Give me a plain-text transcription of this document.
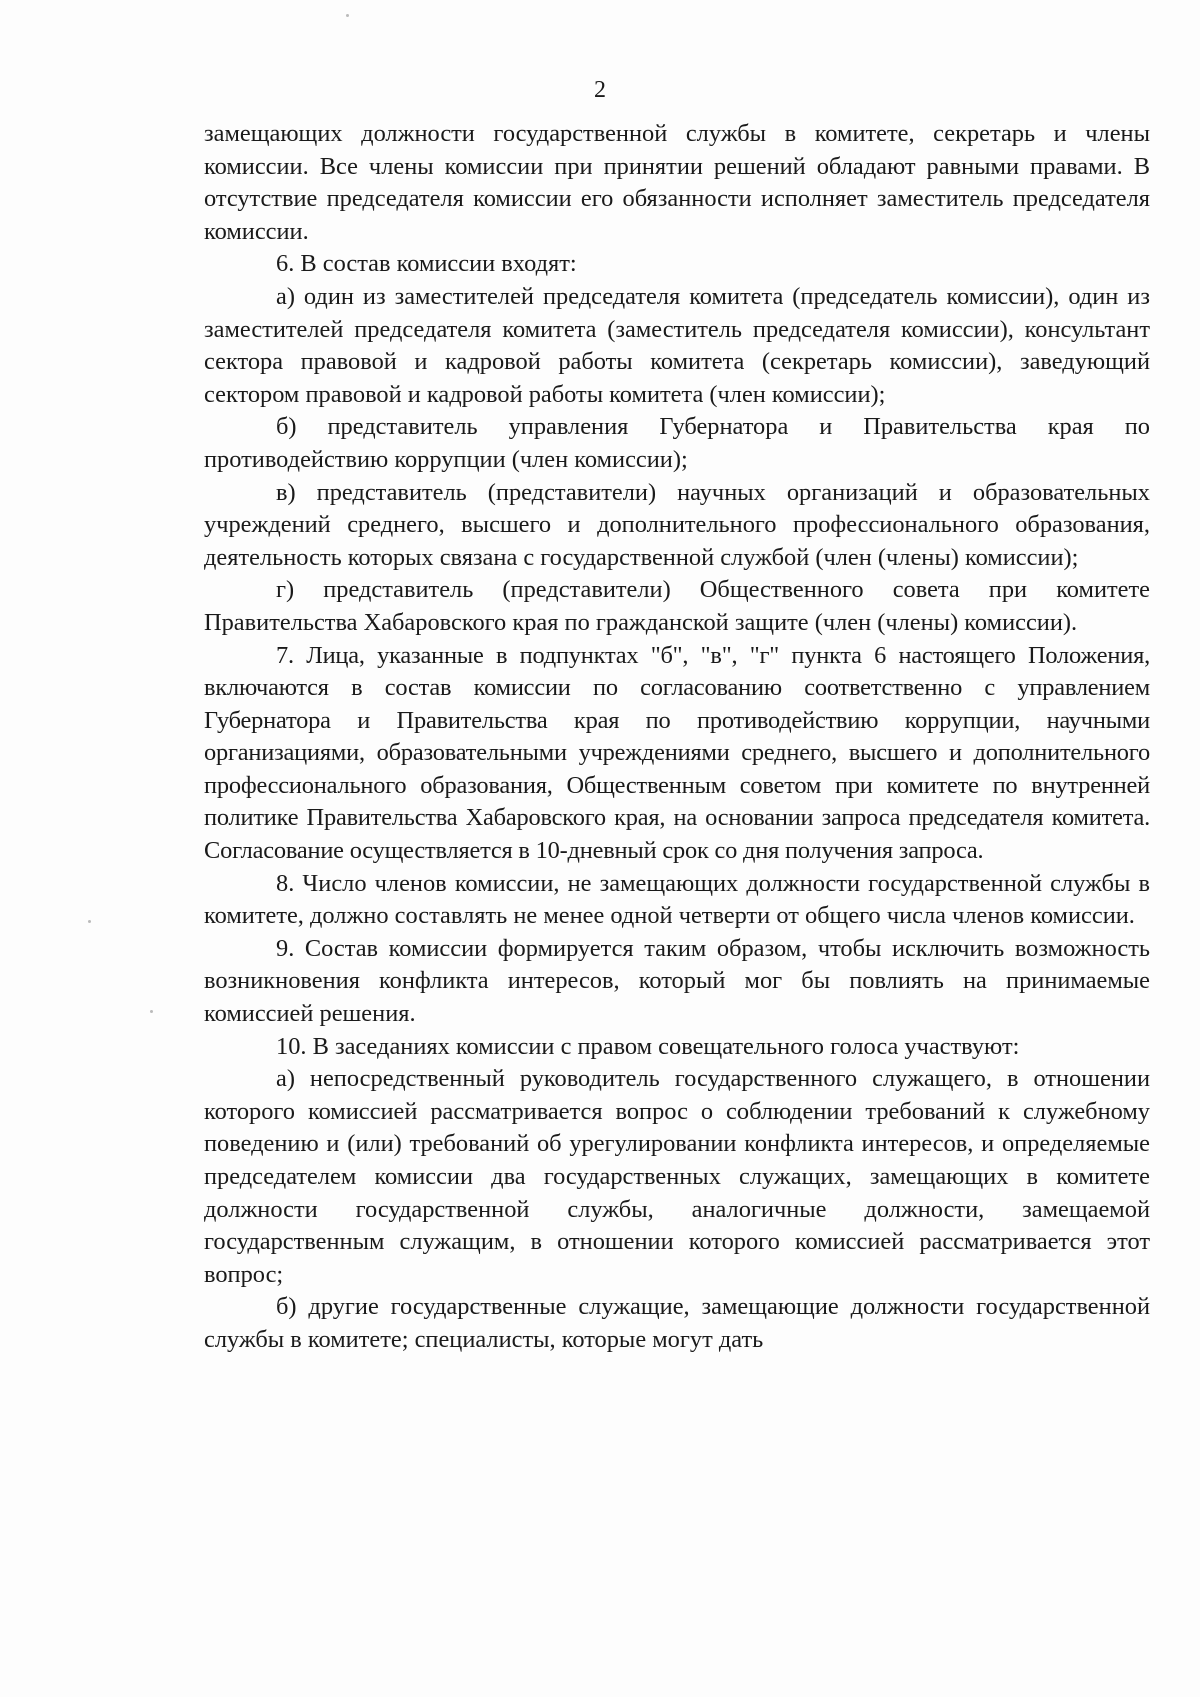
2

замещающих должности государственной службы в комитете, секретарь и члены комиссии. Все члены комиссии при принятии решений обладают равными правами. В отсутствие председателя комиссии его обязанности исполняет заместитель председателя комиссии.

6. В состав комиссии входят:

а) один из заместителей председателя комитета (председатель комиссии), один из заместителей председателя комитета (заместитель председателя комиссии), консультант сектора правовой и кадровой работы комитета (секретарь комиссии), заведующий сектором правовой и кадровой работы комитета (член комиссии);

б) представитель управления Губернатора и Правительства края по противодействию коррупции (член комиссии);

в) представитель (представители) научных организаций и образовательных учреждений среднего, высшего и дополнительного профессионального образования, деятельность которых связана с государственной службой (член (члены) комиссии);

г) представитель (представители) Общественного совета при комитете Правительства Хабаровского края по гражданской защите (член (члены) комиссии).

7. Лица, указанные в подпунктах "б", "в", "г" пункта 6 настоящего Положения, включаются в состав комиссии по согласованию соответственно с управлением Губернатора и Правительства края по противодействию коррупции, научными организациями, образовательными учреждениями среднего, высшего и дополнительного профессионального образования, Общественным советом при комитете по внутренней политике Правительства Хабаровского края, на основании запроса председателя комитета. Согласование осуществляется в 10-дневный срок со дня получения запроса.

8. Число членов комиссии, не замещающих должности государственной службы в комитете, должно составлять не менее одной четверти от общего числа членов комиссии.

9. Состав комиссии формируется таким образом, чтобы исключить возможность возникновения конфликта интересов, который мог бы повлиять на принимаемые комиссией решения.

10. В заседаниях комиссии с правом совещательного голоса участвуют:

а) непосредственный руководитель государственного служащего, в отношении которого комиссией рассматривается вопрос о соблюдении требований к служебному поведению и (или) требований об урегулировании конфликта интересов, и определяемые председателем комиссии два государственных служащих, замещающих в комитете должности государственной службы, аналогичные должности, замещаемой государственным служащим, в отношении которого комиссией рассматривается этот вопрос;

б) другие государственные служащие, замещающие должности государственной службы в комитете; специалисты, которые могут дать
